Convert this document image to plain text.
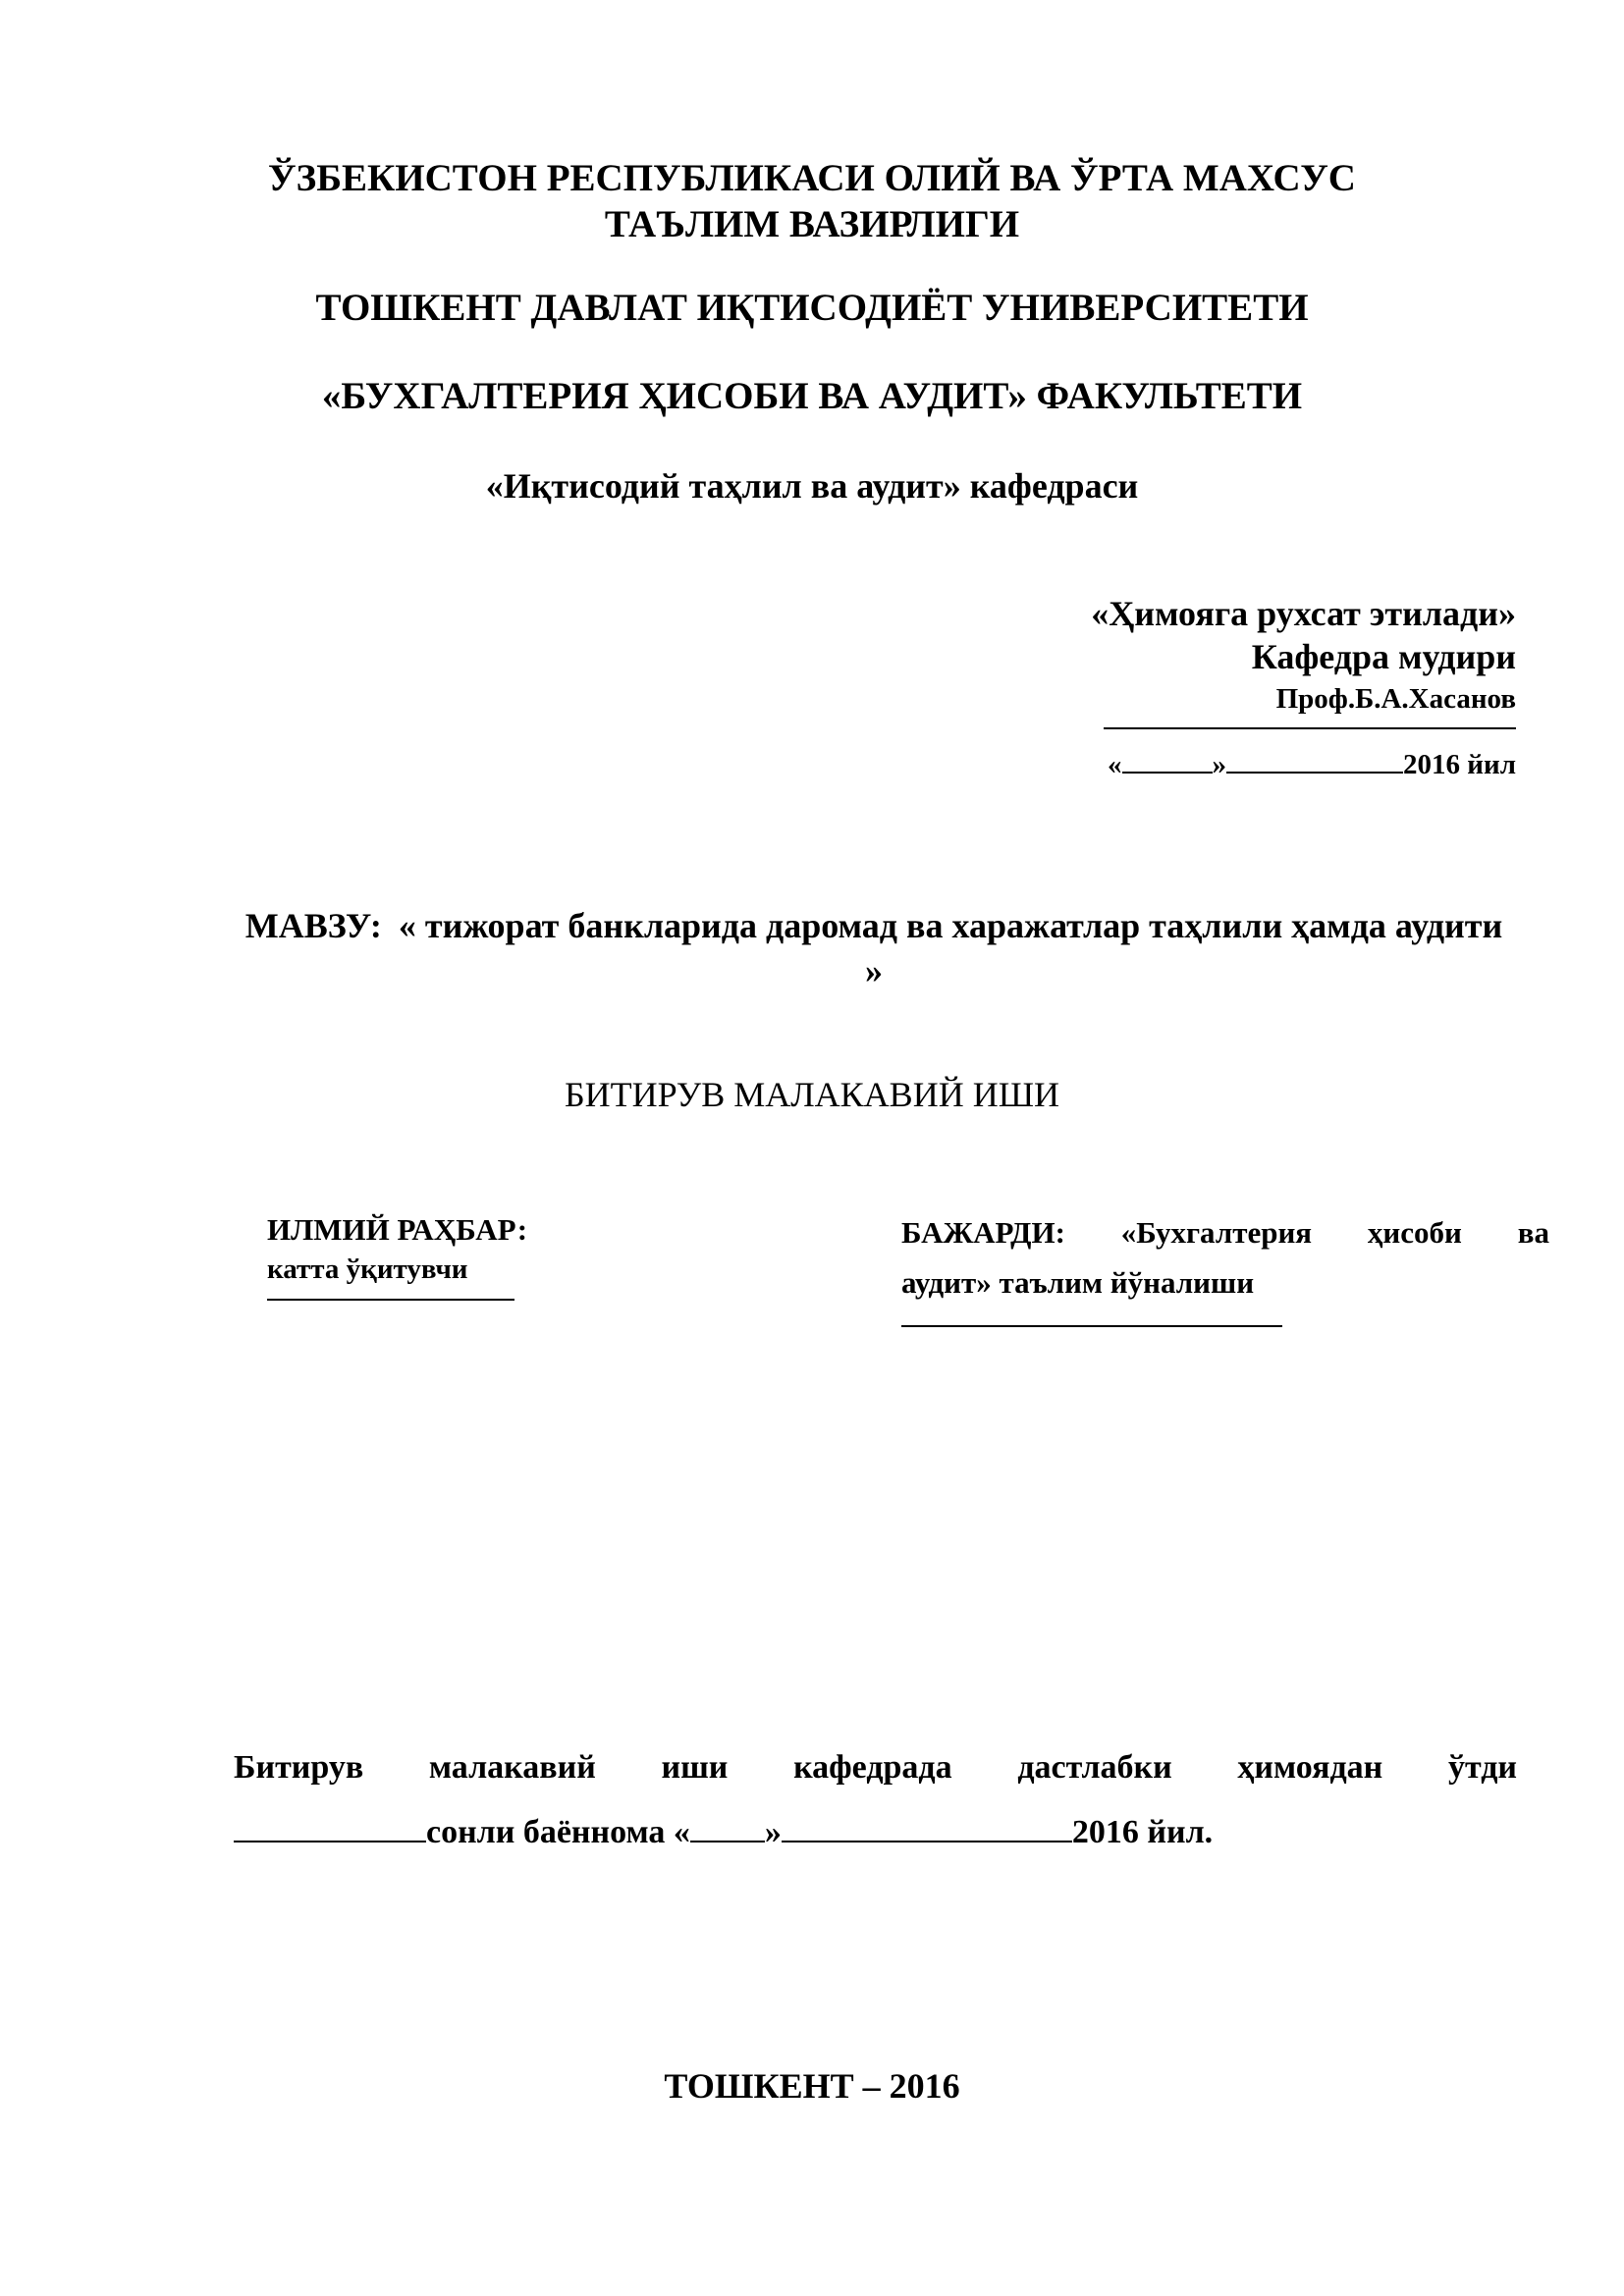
ЎЗБЕКИСТОН РЕСПУБЛИКАСИ ОЛИЙ ВА ЎРТА МАХСУС
ТАЪЛИМ ВАЗИРЛИГИ
ТОШКЕНТ ДАВЛАТ ИҚТИСОДИЁТ УНИВЕРСИТЕТИ
«БУХГАЛТЕРИЯ ҲИСОБИ ВА АУДИТ» ФАКУЛЬТЕТИ
«Иқтисодий таҳлил ва аудит» кафедраси
«Ҳимояга рухсат этилади»
Кафедра мудири
Проф.Б.А.Хасанов
«	»	2016 йил
МАВЗУ: « тижорат банкларида даромад ва харажатлар таҳлили ҳамда аудити »
БИТИРУВ МАЛАКАВИЙ ИШИ
ИЛМИЙ РАҲБАР:
катта ўқитувчи
БАЖАРДИ: «Бухгалтерия ҳисоби ва
аудит» таълим йўналиши
Битирув малакавий иши кафедрада дастлабки ҳимоядан ўтди
сонли баённома « »	2016 йил.
ТОШКЕНТ – 2016
